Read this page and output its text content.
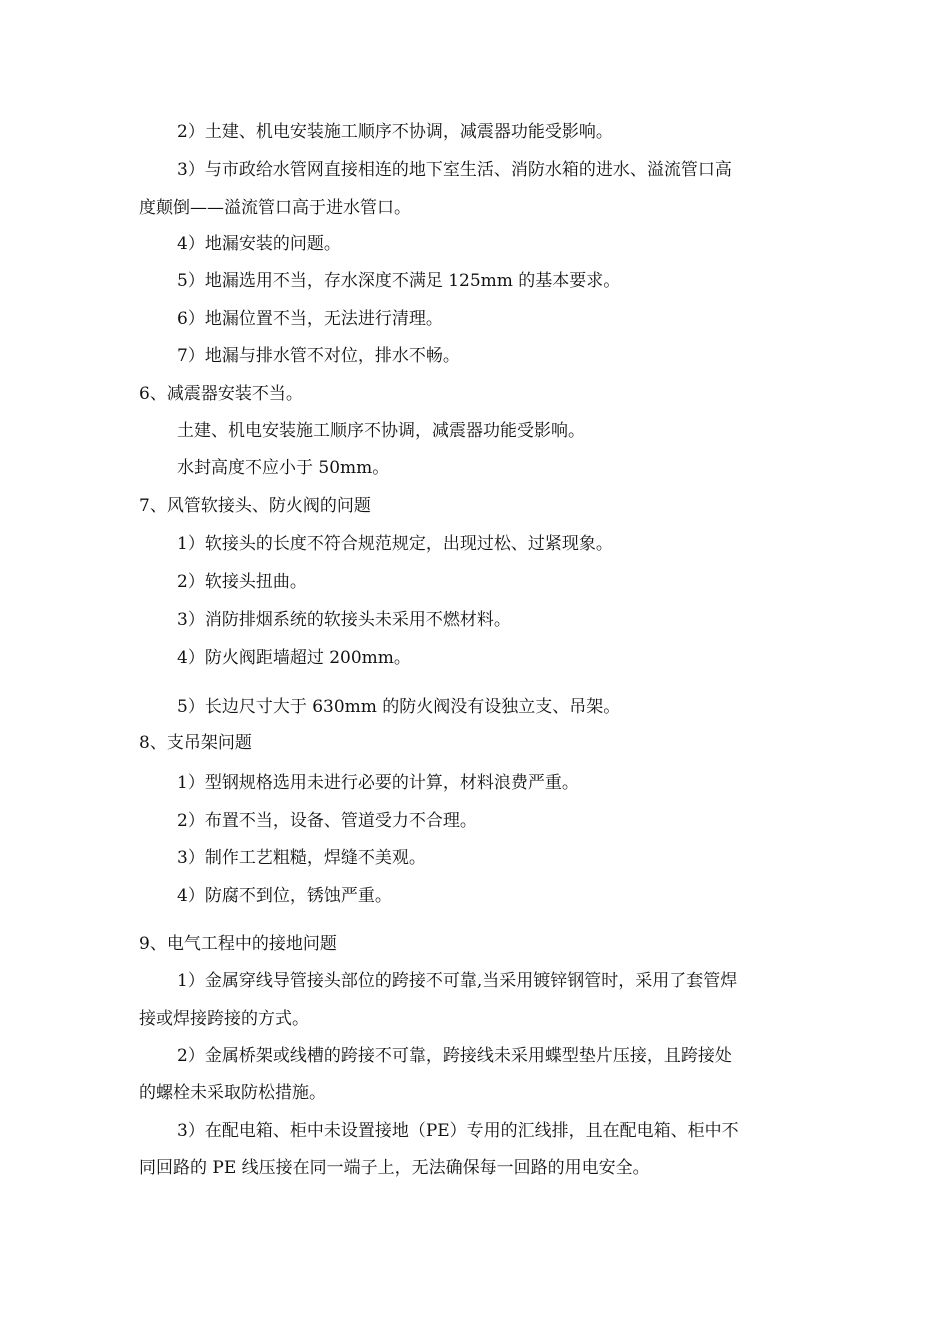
2）土建、机电安装施工顺序不协调，减震器功能受影响。
3）与市政给水管网直接相连的地下室生活、消防水箱的进水、溢流管口高
度颠倒——溢流管口高于进水管口。
4）地漏安装的问题。
5）地漏选用不当，存水深度不满足 125mm 的基本要求。
6）地漏位置不当，无法进行清理。
7）地漏与排水管不对位，排水不畅。
6、减震器安装不当。
土建、机电安装施工顺序不协调，减震器功能受影响。
水封高度不应小于 50mm。
7、风管软接头、防火阀的问题
1）软接头的长度不符合规范规定，出现过松、过紧现象。
2）软接头扭曲。
3）消防排烟系统的软接头未采用不燃材料。
4）防火阀距墙超过 200mm。
5）长边尺寸大于 630mm 的防火阀没有设独立支、吊架。
8、支吊架问题
1）型钢规格选用未进行必要的计算，材料浪费严重。
2）布置不当，设备、管道受力不合理。
3）制作工艺粗糙，焊缝不美观。
4）防腐不到位，锈蚀严重。
9、电气工程中的接地问题
1）金属穿线导管接头部位的跨接不可靠,当采用镀锌钢管时，采用了套管焊
接或焊接跨接的方式。
2）金属桥架或线槽的跨接不可靠，跨接线未采用蝶型垫片压接，且跨接处
的螺栓未采取防松措施。
3）在配电箱、柜中未设置接地（PE）专用的汇线排，且在配电箱、柜中不
同回路的 PE 线压接在同一端子上，无法确保每一回路的用电安全。
